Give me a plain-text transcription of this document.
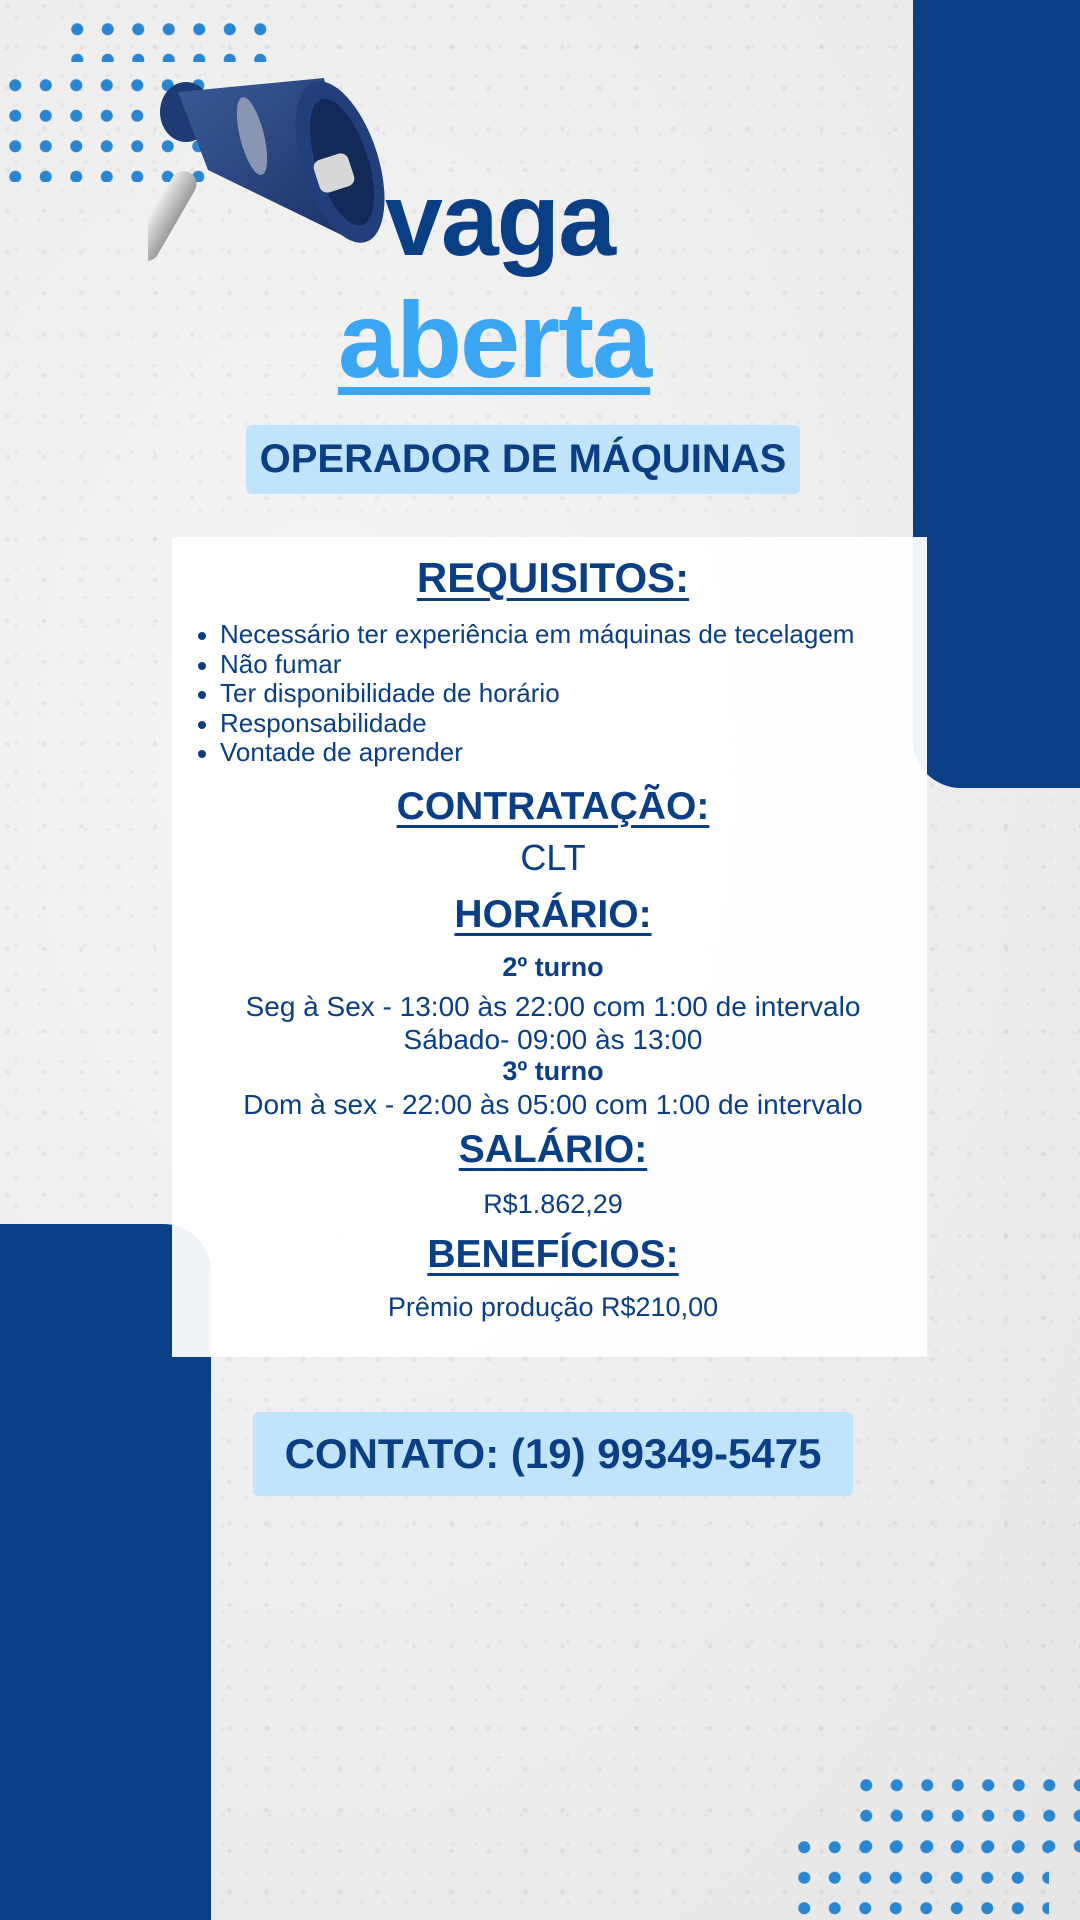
vaga
aberta
OPERADOR DE MÁQUINAS
REQUISITOS:
Necessário ter experiência em máquinas de tecelagem
Não fumar
Ter disponibilidade de horário
Responsabilidade
Vontade de aprender
CONTRATAÇÃO:
CLT
HORÁRIO:
2º turno
Seg à Sex - 13:00 às 22:00 com 1:00 de intervalo
Sábado- 09:00 às 13:00
3º turno
Dom à sex - 22:00 às 05:00 com 1:00 de intervalo
SALÁRIO:
R$1.862,29
BENEFÍCIOS:
Prêmio produção R$210,00
CONTATO: (19) 99349-5475
